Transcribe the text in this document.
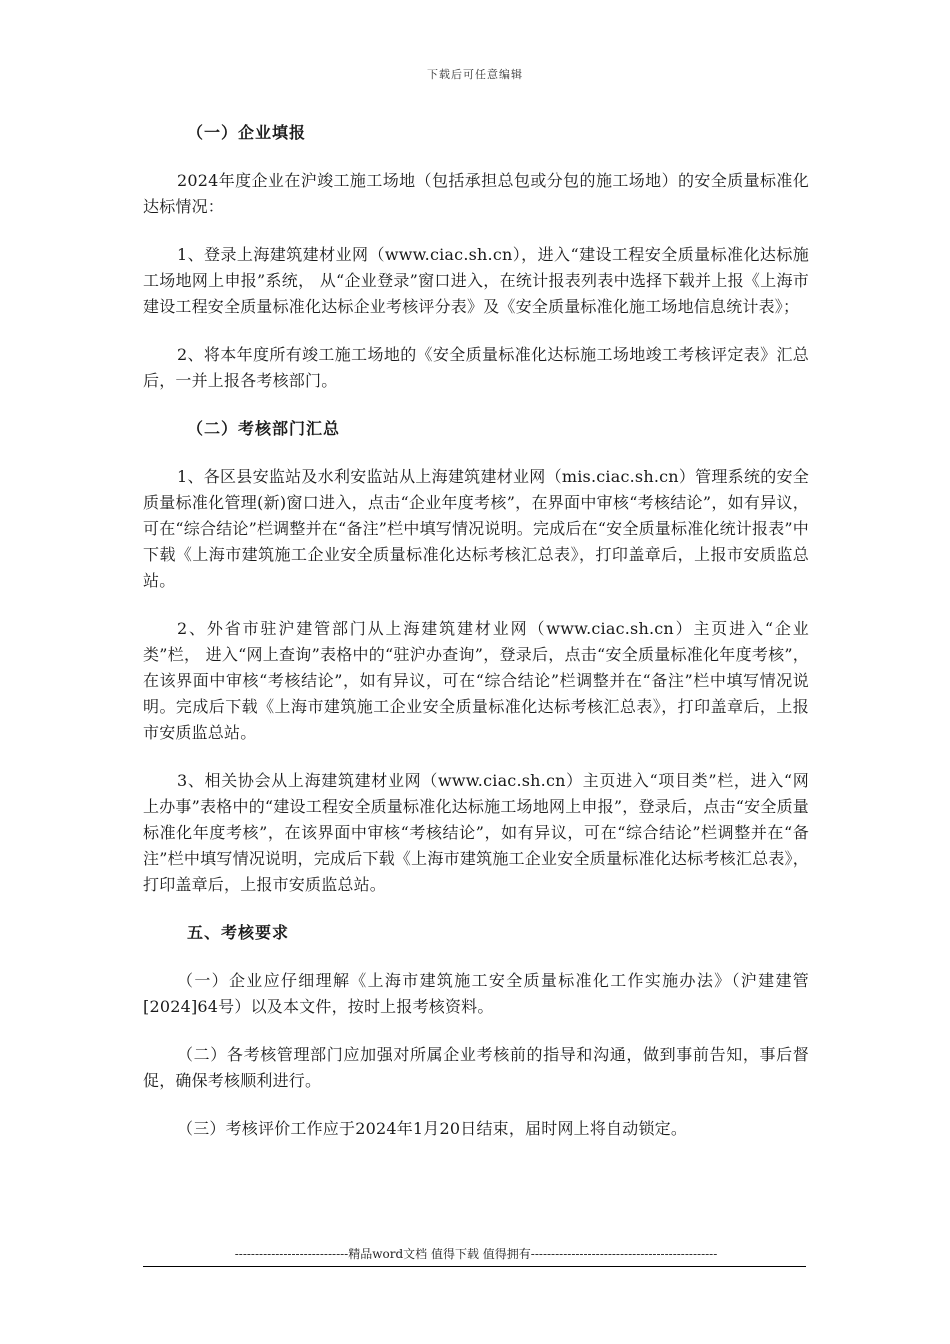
下载后可任意编辑
（一）企业填报
2024年度企业在沪竣工施工场地（包括承担总包或分包的施工场地）的安全质量标准化达标情况：
1、登录上海建筑建材业网（www.ciac.sh.cn），进入“建设工程安全质量标准化达标施工场地网上申报”系统， 从“企业登录”窗口进入，在统计报表列表中选择下载并上报《上海市建设工程安全质量标准化达标企业考核评分表》及《安全质量标准化施工场地信息统计表》；
2、将本年度所有竣工施工场地的《安全质量标准化达标施工场地竣工考核评定表》汇总后，一并上报各考核部门。
（二）考核部门汇总
1、各区县安监站及水利安监站从上海建筑建材业网（mis.ciac.sh.cn）管理系统的安全质量标准化管理(新)窗口进入，点击“企业年度考核”，在界面中审核“考核结论”，如有异议，可在“综合结论”栏调整并在“备注”栏中填写情况说明。完成后在“安全质量标准化统计报表”中下载《上海市建筑施工企业安全质量标准化达标考核汇总表》，打印盖章后，上报市安质监总站。
2、外省市驻沪建管部门从上海建筑建材业网（www.ciac.sh.cn）主页进入“企业类”栏， 进入“网上查询”表格中的“驻沪办查询”，登录后，点击“安全质量标准化年度考核”，在该界面中审核“考核结论”，如有异议，可在“综合结论”栏调整并在“备注”栏中填写情况说明。完成后下载《上海市建筑施工企业安全质量标准化达标考核汇总表》，打印盖章后，上报市安质监总站。
3、相关协会从上海建筑建材业网（www.ciac.sh.cn）主页进入“项目类”栏，进入“网上办事”表格中的“建设工程安全质量标准化达标施工场地网上申报”，登录后，点击“安全质量标准化年度考核”，在该界面中审核“考核结论”，如有异议，可在“综合结论”栏调整并在“备注”栏中填写情况说明，完成后下载《上海市建筑施工企业安全质量标准化达标考核汇总表》，打印盖章后，上报市安质监总站。
五、考核要求
（一）企业应仔细理解《上海市建筑施工安全质量标准化工作实施办法》（沪建建管[2024]64号）以及本文件，按时上报考核资料。
（二）各考核管理部门应加强对所属企业考核前的指导和沟通，做到事前告知，事后督促，确保考核顺利进行。
（三）考核评价工作应于2024年1月20日结束，届时网上将自动锁定。
----------------------------精品word文档 值得下载 值得拥有----------------------------------------------
